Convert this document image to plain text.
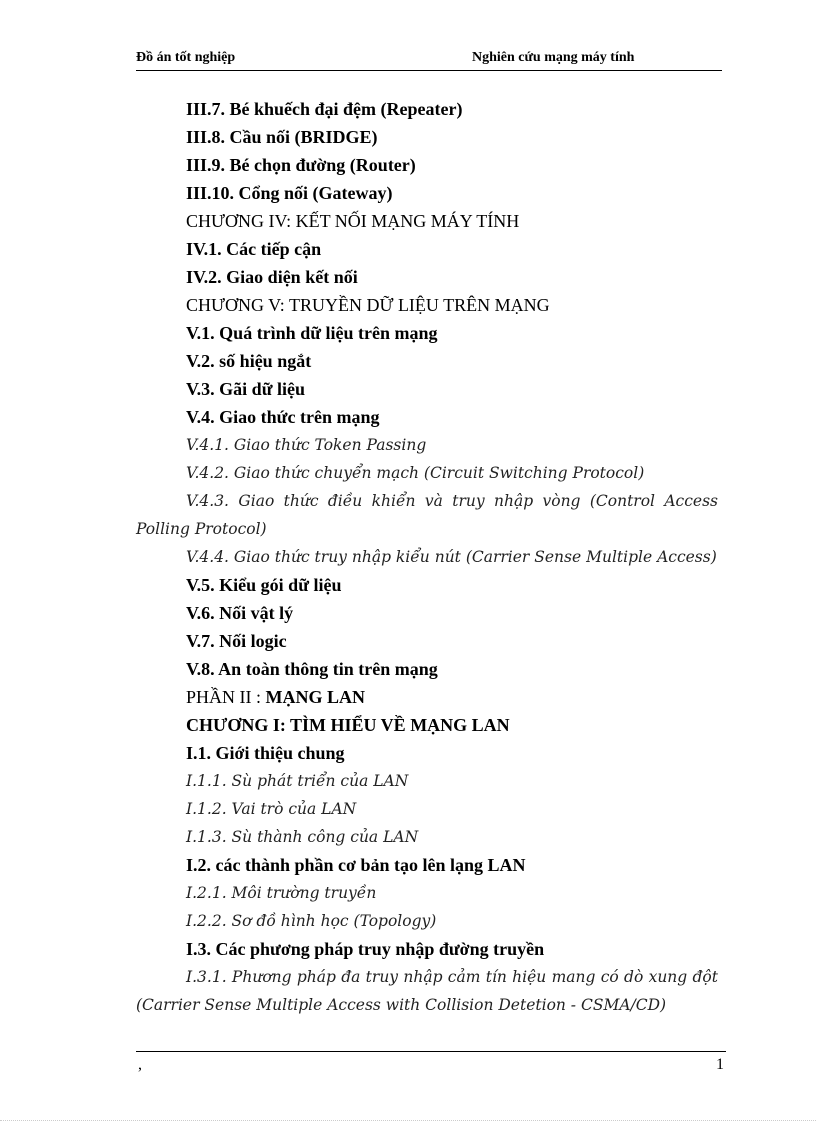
Đồ án tốt nghiệp	Nghiên cứu mạng máy tính
III.7. Bé khuếch đại đệm (Repeater)
III.8. Cầu nối (BRIDGE)
III.9. Bé chọn đường (Router)
III.10. Cổng nối (Gateway)
CHƯƠNG IV: KẾT NỐI MẠNG MÁY TÍNH
IV.1. Các tiếp cận
IV.2. Giao diện kết nối
CHƯƠNG V: TRUYỀN DỮ LIỆU TRÊN MẠNG
V.1. Quá trình dữ liệu trên mạng
V.2. số hiệu ngắt
V.3. Gãi dữ liệu
V.4. Giao thức trên mạng
V.4.1. Giao thức Token Passing
V.4.2. Giao thức chuyển mạch (Circuit Switching Protocol)
V.4.3. Giao thức điều khiển và truy nhập vòng (Control Access
Polling Protocol)
V.4.4. Giao thức truy nhập kiểu nút (Carrier Sense Multiple Access)
V.5. Kiểu gói dữ liệu
V.6. Nối vật lý
V.7. Nối logic
V.8. An toàn thông tin trên mạng
PHẦN II : MẠNG LAN
CHƯƠNG I: TÌM HIỂU VỀ MẠNG LAN
I.1. Giới thiệu chung
I.1.1. Sù phát triển của LAN
I.1.2. Vai trò của LAN
I.1.3. Sù thành công của LAN
I.2. các thành phần cơ bản tạo lên lạng LAN
I.2.1. Môi trường truyền
I.2.2. Sơ đồ hình học (Topology)
I.3. Các phương pháp truy nhập đường truyền
I.3.1. Phương pháp đa truy nhập cảm tín hiệu mang có dò xung đột
(Carrier Sense Multiple Access with Collision Detetion - CSMA/CD)
,	1
